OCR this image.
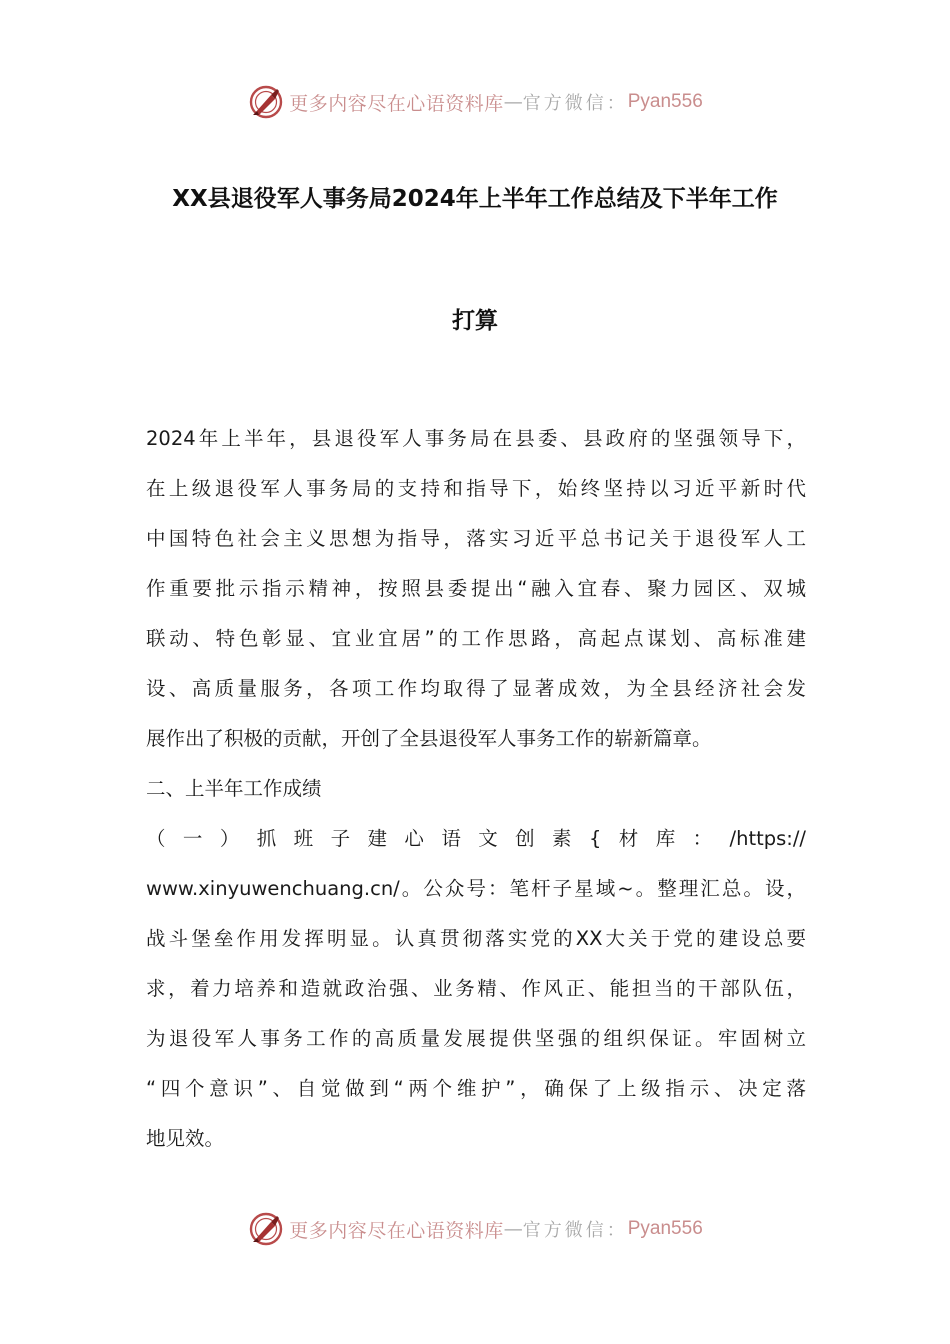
更多内容尽在心语资料库 — 官方微信： Pyan556
XX县退役军人事务局2024年上半年工作总结及下半年工作
打算
2024年上半年，县退役军人事务局在县委、县政府的坚强领导下，
在上级退役军人事务局的支持和指导下，始终坚持以习近平新时代
中国特色社会主义思想为指导，落实习近平总书记关于退役军人工
作重要批示指示精神，按照县委提出“融入宜春、聚力园区、双城
联动、特色彰显、宜业宜居”的工作思路，高起点谋划、高标准建
设、高质量服务，各项工作均取得了显著成效，为全县经济社会发
展作出了积极的贡献，开创了全县退役军人事务工作的崭新篇章。
二、上半年工作成绩
（一）抓班子建心语文创素{材库：/https://
www.xinyuwenchuang.cn/。公众号：笔杆子星域~。整理汇总。设，
战斗堡垒作用发挥明显。认真贯彻落实党的XX大关于党的建设总要
求，着力培养和造就政治强、业务精、作风正、能担当的干部队伍，
为退役军人事务工作的高质量发展提供坚强的组织保证。牢固树立
“四个意识”、自觉做到“两个维护”，确保了上级指示、决定落
地见效。
更多内容尽在心语资料库 — 官方微信： Pyan556
